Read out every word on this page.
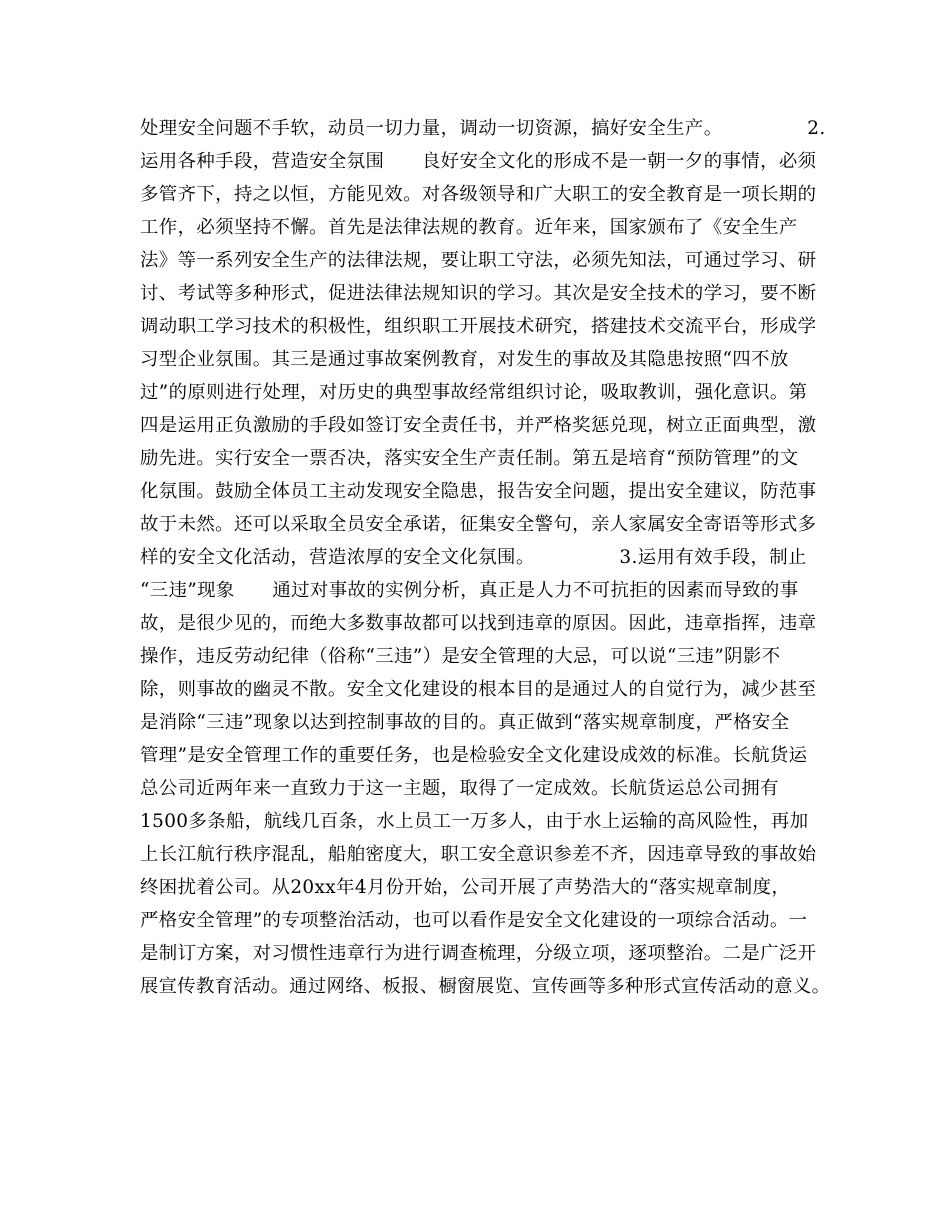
处理安全问题不手软，动员一切力量，调动一切资源，搞好安全生产。　　　　　2.
运用各种手段，营造安全氛围　　良好安全文化的形成不是一朝一夕的事情，必须
多管齐下，持之以恒，方能见效。对各级领导和广大职工的安全教育是一项长期的
工作，必须坚持不懈。首先是法律法规的教育。近年来，国家颁布了《安全生产
法》等一系列安全生产的法律法规，要让职工守法，必须先知法，可通过学习、研
讨、考试等多种形式，促进法律法规知识的学习。其次是安全技术的学习，要不断
调动职工学习技术的积极性，组织职工开展技术研究，搭建技术交流平台，形成学
习型企业氛围。其三是通过事故案例教育，对发生的事故及其隐患按照“四不放
过”的原则进行处理，对历史的典型事故经常组织讨论，吸取教训，强化意识。第
四是运用正负激励的手段如签订安全责任书，并严格奖惩兑现，树立正面典型，激
励先进。实行安全一票否决，落实安全生产责任制。第五是培育“预防管理”的文
化氛围。鼓励全体员工主动发现安全隐患，报告安全问题，提出安全建议，防范事
故于未然。还可以采取全员安全承诺，征集安全警句，亲人家属安全寄语等形式多
样的安全文化活动，营造浓厚的安全文化氛围。　　　　　3.运用有效手段，制止
“三违”现象　　通过对事故的实例分析，真正是人力不可抗拒的因素而导致的事
故，是很少见的，而绝大多数事故都可以找到违章的原因。因此，违章指挥，违章
操作，违反劳动纪律（俗称“三违”）是安全管理的大忌，可以说“三违”阴影不
除，则事故的幽灵不散。安全文化建设的根本目的是通过人的自觉行为，减少甚至
是消除“三违”现象以达到控制事故的目的。真正做到“落实规章制度，严格安全
管理”是安全管理工作的重要任务，也是检验安全文化建设成效的标准。长航货运
总公司近两年来一直致力于这一主题，取得了一定成效。长航货运总公司拥有
1500多条船，航线几百条，水上员工一万多人，由于水上运输的高风险性，再加
上长江航行秩序混乱，船舶密度大，职工安全意识参差不齐，因违章导致的事故始
终困扰着公司。从20xx年4月份开始，公司开展了声势浩大的“落实规章制度，
严格安全管理”的专项整治活动，也可以看作是安全文化建设的一项综合活动。一
是制订方案，对习惯性违章行为进行调查梳理，分级立项，逐项整治。二是广泛开
展宣传教育活动。通过网络、板报、橱窗展览、宣传画等多种形式宣传活动的意义。
